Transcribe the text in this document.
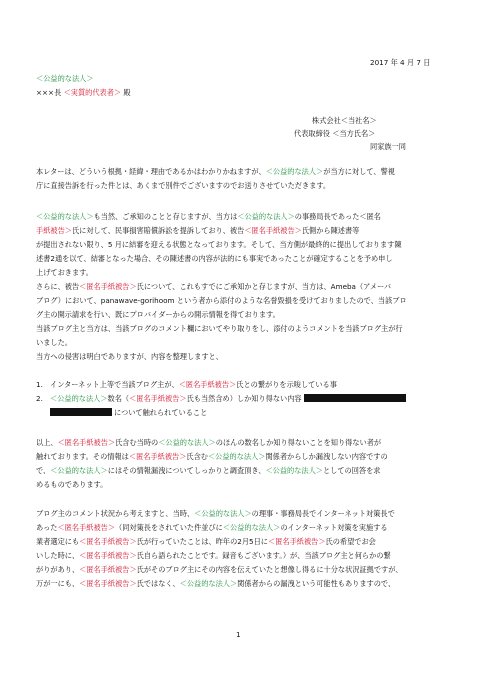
2017 年 4 月 7 日
＜公益的な法人＞
×××長 ＜実質的代表者＞ 殿
株式会社＜当社名＞
代表取締役 ＜当方氏名＞
同家族一同
本レターは、どういう根拠・経緯・理由であるかはわかりかねますが、＜公益的な法人＞が当方に対して、警視
庁に直接告訴を行った件とは、あくまで別件でございますのでお送りさせていただきます。
＜公益的な法人＞も当然、ご承知のことと存じますが、当方は＜公益的な法人＞の事務局長であった＜匿名
手紙被告＞氏に対して、民事損害賠償訴訟を提訴しており、被告＜匿名手紙被告＞氏側から陳述書等
が提出されない限り、5 月に結審を迎える状態となっております。そして、当方側が最終的に提出しております陳
述書2通を以て、結審となった場合、その陳述書の内容が法的にも事実であったことが確定することを予め申し
上げておきます。
さらに、被告＜匿名手紙被告＞氏について、これもすでにご承知かと存じますが、当方は、Ameba（アメーバ
ブログ）において、panawave-gorihoom という者から添付のような名誉毀損を受けておりましたので、当該ブロ
グ主の開示請求を行い、既にプロバイダーからの開示情報を得ております。
当該ブログ主と当方は、当該ブログのコメント欄においてやり取りをし、添付のようコメントを当該ブログ主が行
いました。
当方への侵害は明白でありますが、内容を整理しますと、
1. インターネット上等で当該ブログ主が、＜匿名手紙被告＞氏との繋がりを示唆している事
2. ＜公益的な法人＞数名（＜匿名手紙被告＞氏も当然含め）しか知り得ない内容
について触れられていること
以上、＜匿名手紙被告＞氏含む当時の＜公益的な法人＞のほんの数名しか知り得ないことを知り得ない者が
触れております。その情報は＜匿名手紙被告＞氏含む＜公益的な法人＞関係者からしか漏洩しない内容ですの
で、＜公益的な法人＞にはその情報漏洩についてしっかりと調査頂き、＜公益的な法人＞としての回答を求
めるものであります。
ブログ主のコメント状況から考えますと、当時、＜公益的な法人＞の理事・事務局長でインターネット対策長で
あった＜匿名手紙被告＞（同対策長をされていた件並びに＜公益的な法人＞のインターネット対策を実施する
業者選定にも＜匿名手紙被告＞氏が行っていたことは、昨年の2月5日に＜匿名手紙被告＞氏の希望でお会
いした時に、＜匿名手紙被告＞氏自ら語られたことです。録音もございます。）が、当該ブログ主と何らかの繋
がりがあり、＜匿名手紙被告＞氏がそのブログ主にその内容を伝えていたと想像し得るに十分な状況証拠ですが、
万が一にも、＜匿名手紙被告＞氏ではなく、＜公益的な法人＞関係者からの漏洩という可能性もありますので、
1
